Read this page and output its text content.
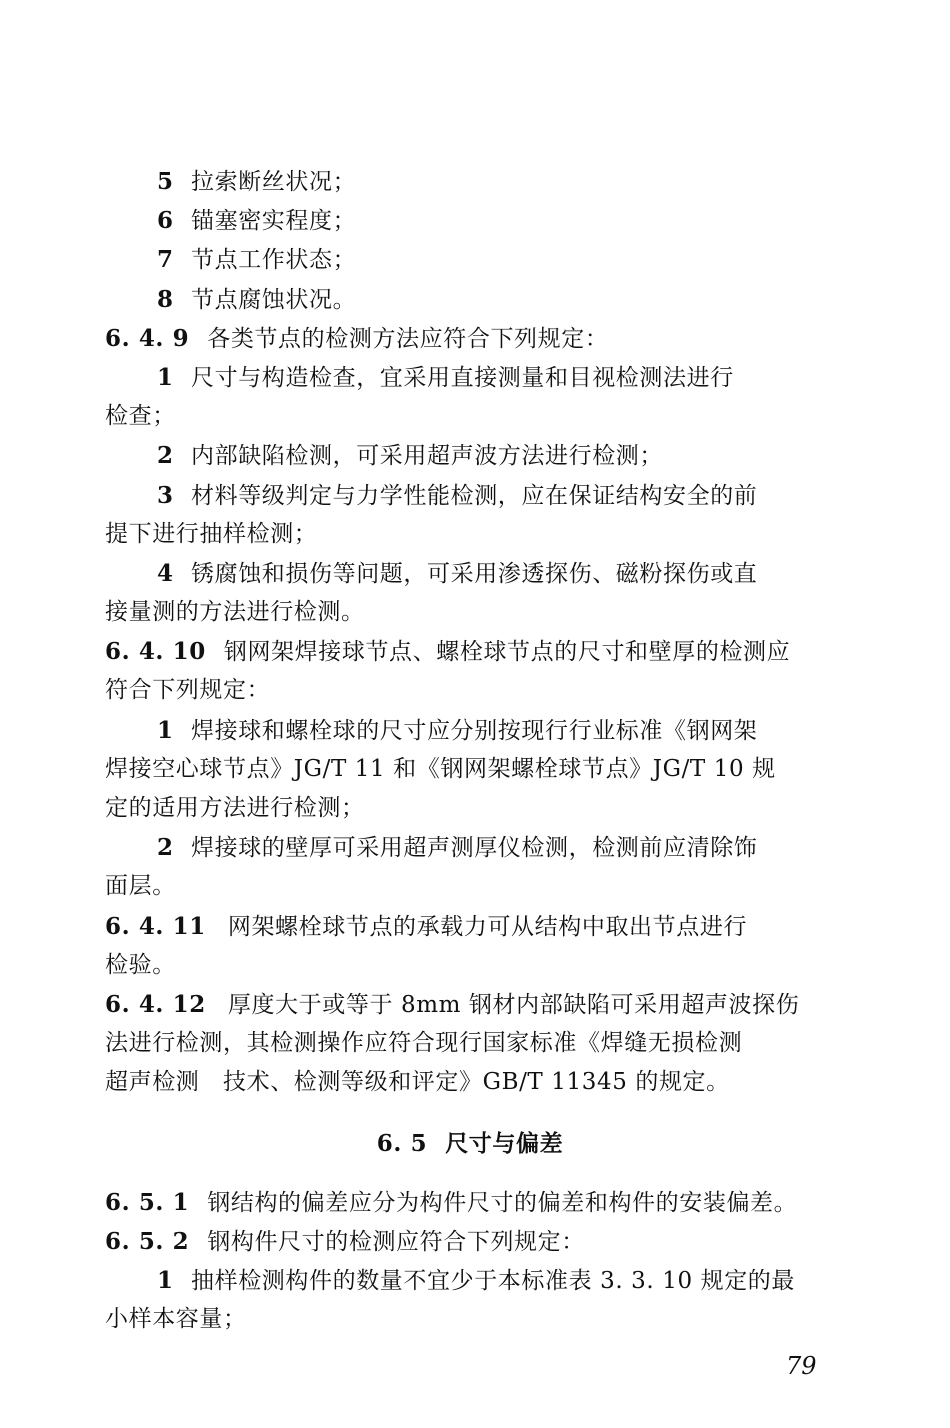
5 拉索断丝状况；
6 锚塞密实程度；
7 节点工作状态；
8 节点腐蚀状况。
6. 4. 9 各类节点的检测方法应符合下列规定：
1 尺寸与构造检查，宜采用直接测量和目视检测法进行
检查；
2 内部缺陷检测，可采用超声波方法进行检测；
3 材料等级判定与力学性能检测，应在保证结构安全的前
提下进行抽样检测；
4 锈腐蚀和损伤等问题，可采用渗透探伤、磁粉探伤或直
接量测的方法进行检测。
6. 4. 10 钢网架焊接球节点、螺栓球节点的尺寸和壁厚的检测应
符合下列规定：
1 焊接球和螺栓球的尺寸应分别按现行行业标准《钢网架
焊接空心球节点》JG/T 11 和《钢网架螺栓球节点》JG/T 10 规
定的适用方法进行检测；
2 焊接球的壁厚可采用超声测厚仪检测，检测前应清除饰
面层。
6. 4. 11 网架螺栓球节点的承载力可从结构中取出节点进行
检验。
6. 4. 12 厚度大于或等于 8mm 钢材内部缺陷可采用超声波探伤
法进行检测，其检测操作应符合现行国家标准《焊缝无损检测
超声检测　技术、检测等级和评定》GB/T 11345 的规定。
6. 5 尺寸与偏差
6. 5. 1 钢结构的偏差应分为构件尺寸的偏差和构件的安装偏差。
6. 5. 2 钢构件尺寸的检测应符合下列规定：
1 抽样检测构件的数量不宜少于本标准表 3. 3. 10 规定的最
小样本容量；
79
